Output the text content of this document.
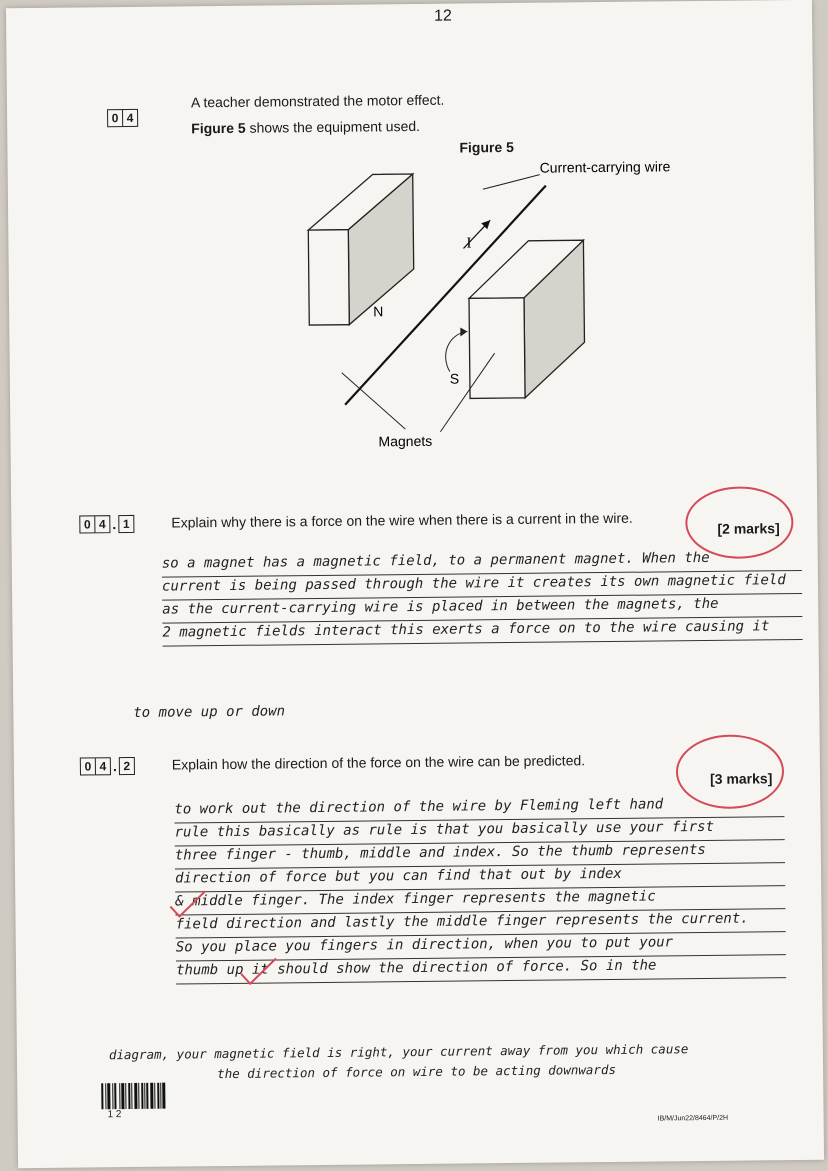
12
0 4
A teacher demonstrated the motor effect.
Figure 5 shows the equipment used.
Figure 5
N
S
I
Current-carrying wire
Magnets
0 4 . 1	Explain why there is a force on the wire when there is a current in the wire.	[2 marks]
so a magnet has a magnetic field, to a permanent magnet. When the
current is being passed through the wire it creates its own magnetic field
as the current-carrying wire is placed in between the magnets, the
2 magnetic fields interact this exerts a force on to the wire causing it
to move up or down
0 4 . 2	Explain how the direction of the force on the wire can be predicted.
[3 marks]
to work out the direction of the wire by Fleming left hand
rule this basically as rule is that you basically use your first
three finger - thumb, middle and index. So the thumb represents
direction of force but you can find that out by index
& middle finger. The index finger represents the magnetic
field direction and lastly the middle finger represents the current.
So you place you fingers in direction, when you to put your
thumb up it should show the direction of force. So in the
diagram, your magnetic field is right, your current away from you which cause
the direction of force on wire to be acting downwards
1 2	IB/M/Jun22/8464/P/2H
